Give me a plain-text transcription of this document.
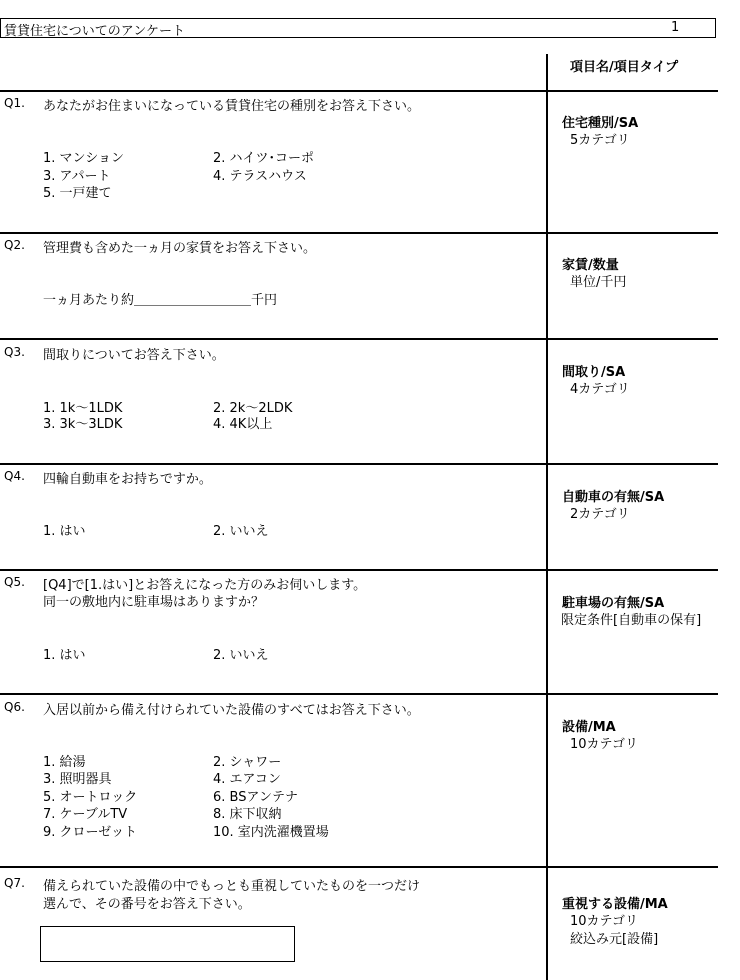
賃貸住宅についてのアンケート	1
項目名/項目タイプ
Q1. あなたがお住まいになっている賃貸住宅の種別をお答え下さい。
1. マンション	2. ハイツ･コーポ
3. アパート	4. テラスハウス
5. 一戸建て
住宅種別/SA
5カテゴリ
Q2. 管理費も含めた一ヵ月の家賃をお答え下さい。
一ヵ月あたり約＿＿＿＿＿＿＿＿＿千円
家賃/数量
単位/千円
Q3. 間取りについてお答え下さい。
1. 1k～1LDK	2. 2k～2LDK
3. 3k～3LDK	4. 4K以上
間取り/SA
4カテゴリ
Q4. 四輪自動車をお持ちですか。
1. はい	2. いいえ
自動車の有無/SA
2カテゴリ
Q5. [Q4]で[1.はい]とお答えになった方のみお伺いします。
同一の敷地内に駐車場はありますか？
1. はい	2. いいえ
駐車場の有無/SA
限定条件[自動車の保有]
Q6. 入居以前から備え付けられていた設備のすべてはお答え下さい。
1. 給湯	2. シャワー
3. 照明器具	4. エアコン
5. オートロック	6. BSアンテナ
7. ケーブルTV	8. 床下収納
9. クローゼット	10. 室内洗濯機置場
設備/MA
10カテゴリ
Q7. 備えられていた設備の中でもっとも重視していたものを一つだけ
選んで、その番号をお答え下さい。	重視する設備/MA
10カテゴリ
絞込み元[設備]
